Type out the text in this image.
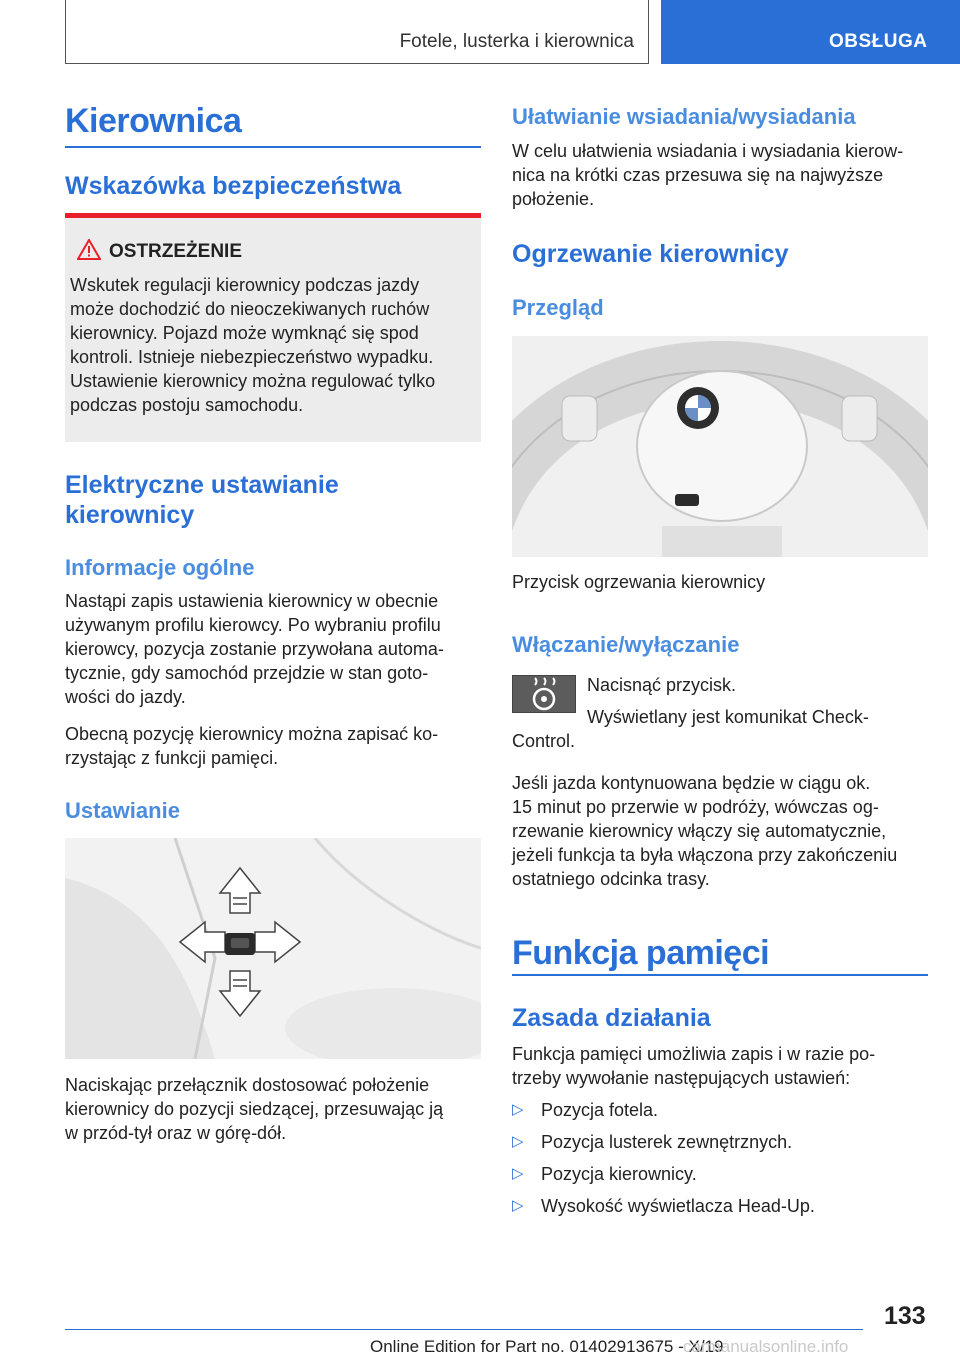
Fotele, lusterka i kierownica	OBSŁUGA
Kierownica
Wskazówka bezpieczeństwa
OSTRZEŻENIE

Wskutek regulacji kierownicy podczas jazdy

może dochodzić do nieoczekiwanych ruchów

kierownicy. Pojazd może wymknąć się spod

kontroli. Istnieje niebezpieczeństwo wypadku.

Ustawienie kierownicy można regulować tylko

podczas postoju samochodu.

Elektryczne ustawianie
kierownicy
Informacje ogólne

Nastąpi zapis ustawienia kierownicy w obecnie

używanym profilu kierowcy. Po wybraniu profilu

kierowcy, pozycja zostanie przywołana automa-

tycznie, gdy samochód przejdzie w stan goto-

wości do jazdy.

Obecną pozycję kierownicy można zapisać ko-

rzystając z funkcji pamięci.

Ustawianie

Naciskając przełącznik dostosować położenie

kierownicy do pozycji siedzącej, przesuwając ją

w przód-tył oraz w górę-dół.

Ułatwianie wsiadania/wysiadania

W celu ułatwienia wsiadania i wysiadania kierow-

nica na krótki czas przesuwa się na najwyższe

położenie.

Ogrzewanie kierownicy
Przegląd
Przycisk ogrzewania kierownicy
Włączanie/wyłączanie
Nacisnąć przycisk.
Wyświetlany jest komunikat Check-
Control.

Jeśli jazda kontynuowana będzie w ciągu ok.

15 minut po przerwie w podróży, wówczas og-

rzewanie kierownicy włączy się automatycznie,

jeżeli funkcja ta była włączona przy zakończeniu

ostatniego odcinka trasy.

Funkcja pamięci
Zasada działania

Funkcja pamięci umożliwia zapis i w razie po-

trzeby wywołanie następujących ustawień:

▷ Pozycja fotela.
▷ Pozycja lusterek zewnętrznych.
▷ Pozycja kierownicy.
▷ Wysokość wyświetlacza Head-Up.
133
Online Edition for Part no. 01402913675 - X/19
carmanualsonline.info
